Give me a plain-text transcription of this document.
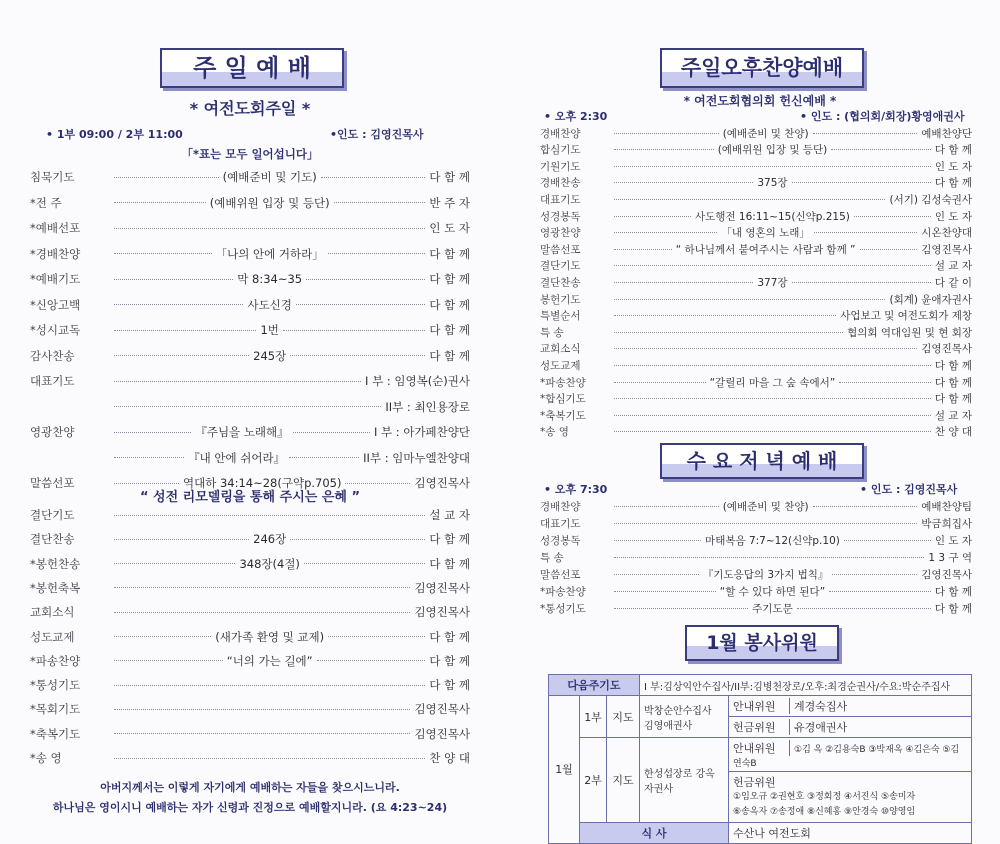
주 일 예 배
* 여전도회주일 *
• 1부 09:00 / 2부 11:00	•인도 : 김영진목사
「*표는 모두 일어섭니다」
침묵기도	(예배준비 및 기도)	다 함 께
*전 주	(예배위원 입장 및 등단)	반 주 자
*예배선포	인 도 자
*경배찬양	「나의 안에 거하라」	다 함 께
*예배기도	막 8:34~35	다 함 께
*신앙고백	사도신경	다 함 께
*성시교독	1번	다 함 께
감사찬송	245장	다 함 께
대표기도	I 부 : 임영복(순)권사
II부 : 최인용장로
영광찬양	『주님을 노래해』	I 부 : 아가페찬양단
『내 안에 쉬어라』	II부 : 임마누엘찬양대
말씀선포	역대하 34:14~28(구약p.705)	김영진목사
“ 성전 리모델링을 통해 주시는 은혜 ”
결단기도	설 교 자
결단찬송	246장	다 함 께
*봉헌찬송	348장(4절)	다 함 께
*봉헌축복	김영진목사
교회소식	김영진목사
성도교제	(새가족 환영 및 교제)	다 함 께
*파송찬양	“너의 가는 길에”	다 함 께
*통성기도	다 함 께
*목회기도	김영진목사
*축복기도	김영진목사
*송 영	찬 양 대
아버지께서는 이렇게 자기에게 예배하는 자들을 찾으시느니라.
하나님은 영이시니 예배하는 자가 신령과 진정으로 예배할지니라. (요 4:23~24)
주일오후찬양예배
* 여전도회협의회 헌신예배 *
• 오후 2:30	• 인도 : (협의회/회장)황영애권사
경배찬양	(예배준비 및 찬양)	예배찬양단
합심기도	(예배위원 입장 및 등단)	다 함 께
기원기도	인 도 자
경배찬송	375장	다 함 께
대표기도	(서기) 김성숙권사
성경봉독	사도행전 16:11~15(신약p.215)	인 도 자
영광찬양	「내 영혼의 노래」	시온찬양대
말씀선포	“ 하나님께서 붙여주시는 사람과 함께 ”	김영진목사
결단기도	설 교 자
결단찬송	377장	다 같 이
봉헌기도	(회계) 윤애자권사
특별순서	사업보고 및 여전도회가 제창
특 송	협의회 역대임원 및 현 회장
교회소식	김영진목사
성도교제	다 함 께
*파송찬양	“갈릴리 마을 그 숲 속에서”	다 함 께
*합심기도	다 함 께
*축복기도	설 교 자
*송 영	찬 양 대
수 요 저 녁 예 배
• 오후 7:30	• 인도 : 김영진목사
경배찬양	(예배준비 및 찬양)	예배찬양팀
대표기도	박금희집사
성경봉독	마태복음 7:7~12(신약p.10)	인 도 자
특 송	1 3 구 역
말씀선포	『기도응답의 3가지 법칙』	김영진목사
*파송찬양	“할 수 있다 하면 된다”	다 함 께
*통성기도	주기도문	다 함 께
1월 봉사위원
다음주기도			I 부:김상익안수집사/II부:김병천장로/오후:최경순권사/수요:박순주집사	
1월	1부	지도	박창순안수집사 김영애권사	안내위원 계경숙집사
				헌금위원 유경애권사
	2부	지도	한성섭장로 강옥자권사	안내위원 ①김 옥 ②김용숙B ③박재옥 ④김은숙 ⑤김연숙B
				헌금위원①임오규 ②권현호 ③정회정 ④서진식 ⑤송미자
⑥송옥자 ⑦송정애 ⑧신혜홍 ⑨안경숙 ⑩양영임
	식 사			수산나 여전도회
